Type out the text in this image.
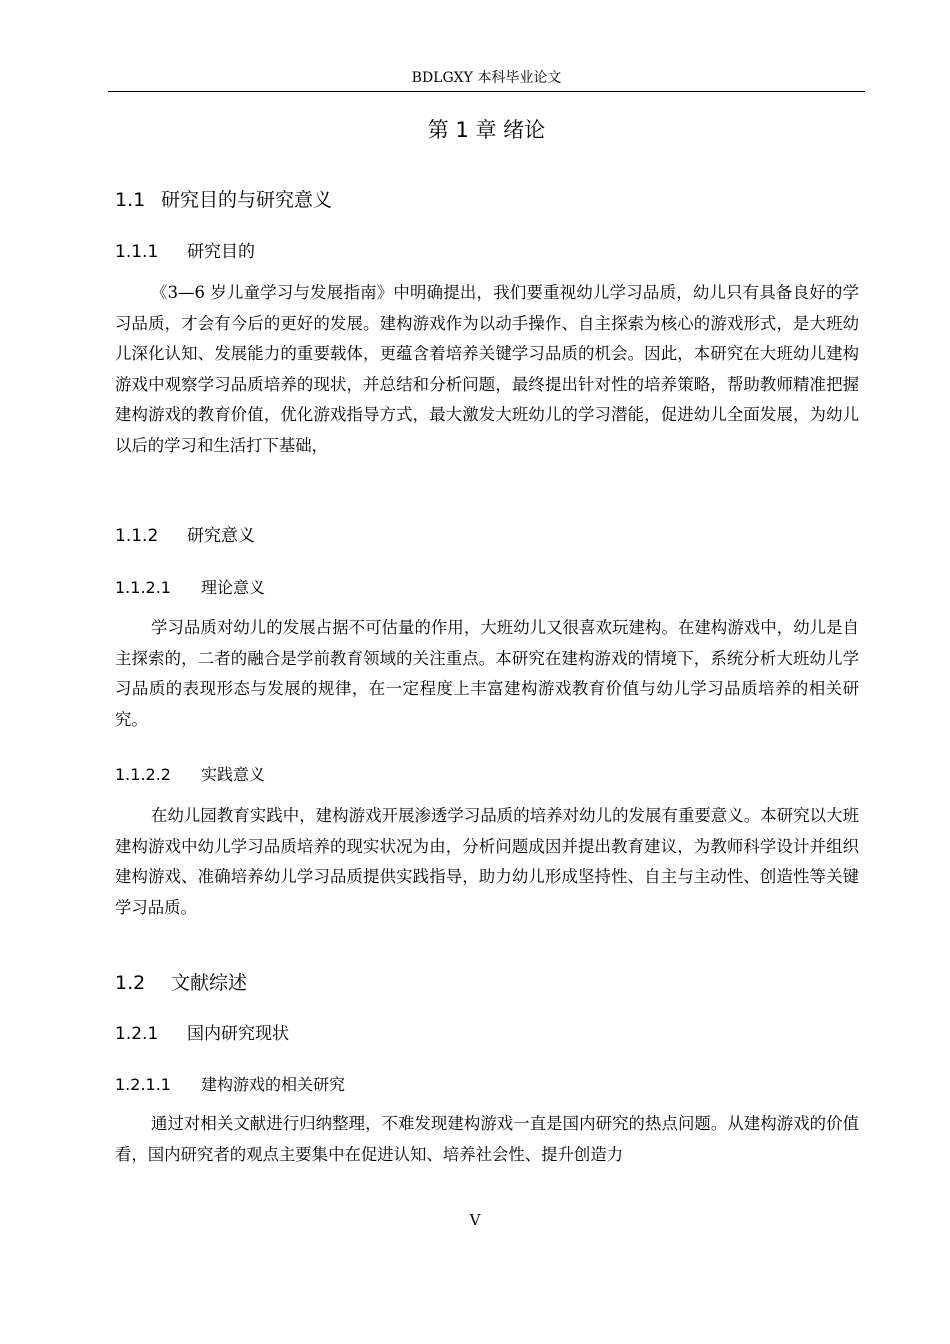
BDLGXY 本科毕业论文
第 1 章 绪论
1.1 研究目的与研究意义
1.1.1 研究目的

《3—6 岁儿童学习与发展指南》中明确提出，我们要重视幼儿学习品质，幼儿只有具备良好的学习品质，才会有今后的更好的发展。建构游戏作为以动手操作、自主探索为核心的游戏形式，是大班幼儿深化认知、发展能力的重要载体，更蕴含着培养关键学习品质的机会。因此，本研究在大班幼儿建构游戏中观察学习品质培养的现状，并总结和分析问题，最终提出针对性的培养策略，帮助教师精准把握建构游戏的教育价值，优化游戏指导方式，最大激发大班幼儿的学习潜能，促进幼儿全面发展，为幼儿以后的学习和生活打下基础，

1.1.2 研究意义
1.1.2.1 理论意义

学习品质对幼儿的发展占据不可估量的作用，大班幼儿又很喜欢玩建构。在建构游戏中，幼儿是自主探索的，二者的融合是学前教育领域的关注重点。本研究在建构游戏的情境下，系统分析大班幼儿学习品质的表现形态与发展的规律，在一定程度上丰富建构游戏教育价值与幼儿学习品质培养的相关研究。

1.1.2.2 实践意义

在幼儿园教育实践中，建构游戏开展渗透学习品质的培养对幼儿的发展有重要意义。本研究以大班建构游戏中幼儿学习品质培养的现实状况为由，分析问题成因并提出教育建议，为教师科学设计并组织建构游戏、准确培养幼儿学习品质提供实践指导，助力幼儿形成坚持性、自主与主动性、创造性等关键学习品质。

1.2 文献综述
1.2.1 国内研究现状
1.2.1.1 建构游戏的相关研究

通过对相关文献进行归纳整理，不难发现建构游戏一直是国内研究的热点问题。从建构游戏的价值看，国内研究者的观点主要集中在促进认知、培养社会性、提升创造力

V
